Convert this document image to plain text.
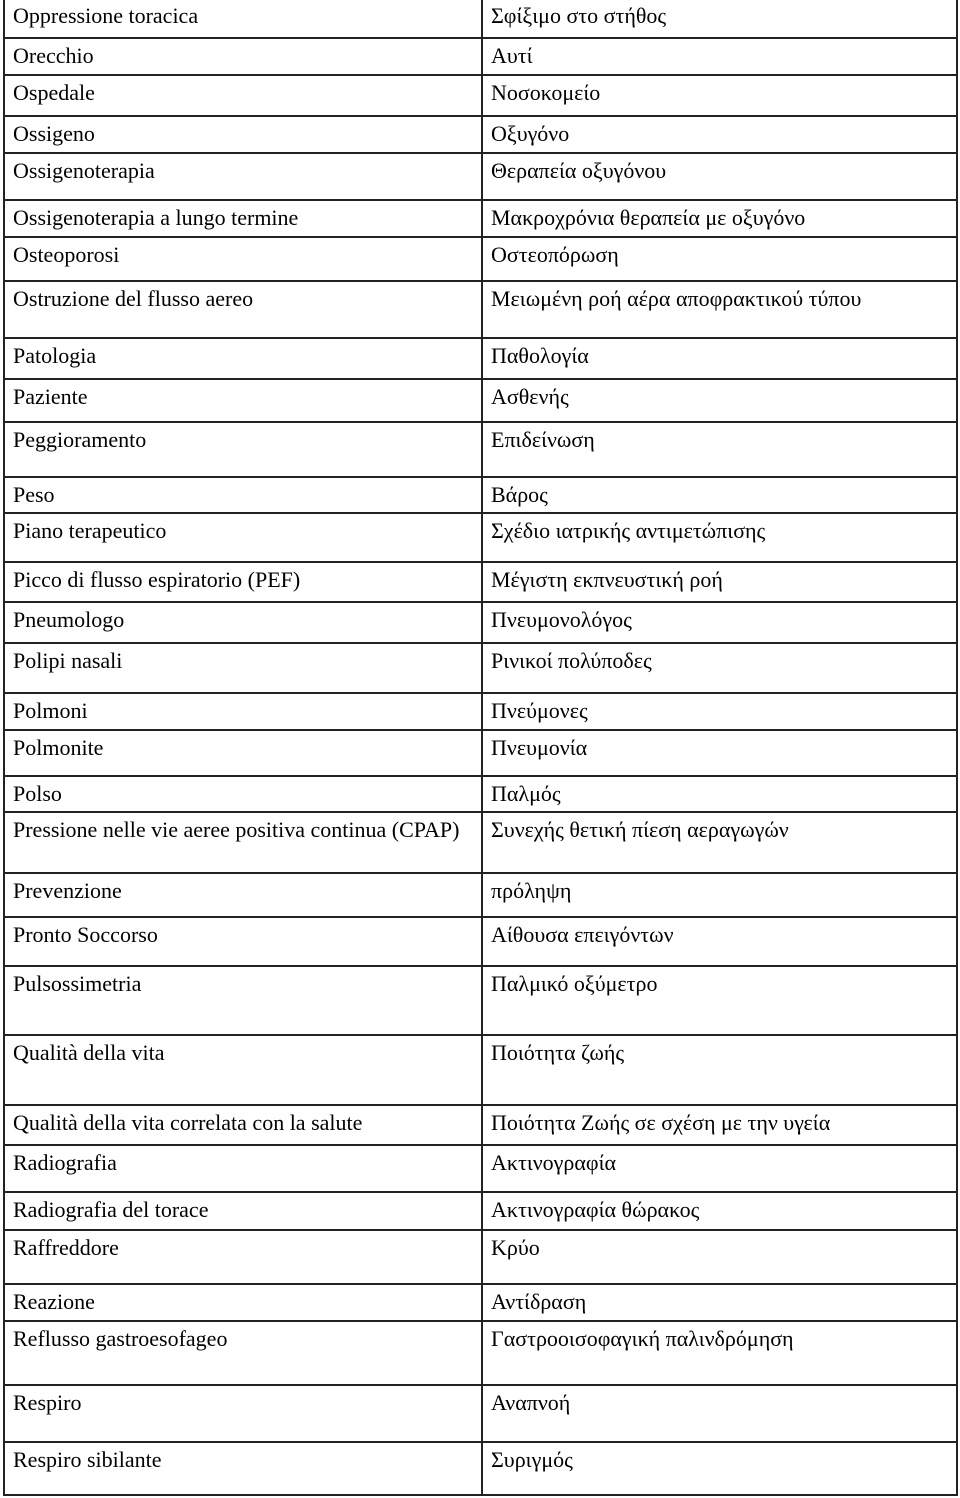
Oppressione toracica	Σφίξιμο στο στήθος
Orecchio	Αυτί
Ospedale	Νοσοκομείο
Ossigeno	Οξυγόνο
Ossigenoterapia	Θεραπεία οξυγόνου
Ossigenoterapia a lungo termine	Μακροχρόνια θεραπεία με οξυγόνο
Osteoporosi	Οστεοπόρωση
Ostruzione del flusso aereo	Μειωμένη ροή αέρα αποφρακτικού τύπου
Patologia	Παθολογία
Paziente	Ασθενής
Peggioramento	Επιδείνωση
Peso	Βάρος
Piano terapeutico	Σχέδιο ιατρικής αντιμετώπισης
Picco di flusso espiratorio (PEF)	Μέγιστη εκπνευστική ροή
Pneumologo	Πνευμονολόγος
Polipi nasali	Ρινικοί πολύποδες
Polmoni	Πνεύμονες
Polmonite	Πνευμονία
Polso	Παλμός
Pressione nelle vie aeree positiva continua (CPAP)	Συνεχής θετική πίεση αεραγωγών
Prevenzione	πρόληψη
Pronto Soccorso	Αίθουσα επειγόντων
Pulsossimetria	Παλμικό οξύμετρο
Qualità della vita	Ποιότητα ζωής
Qualità della vita correlata con la salute	Ποιότητα Ζωής σε σχέση με την υγεία
Radiografia	Ακτινογραφία
Radiografia del torace	Ακτινογραφία θώρακος
Raffreddore	Κρύο
Reazione	Αντίδραση
Reflusso gastroesofageo	Γαστροοισοφαγική παλινδρόμηση
Respiro	Αναπνοή
Respiro sibilante	Συριγμός
